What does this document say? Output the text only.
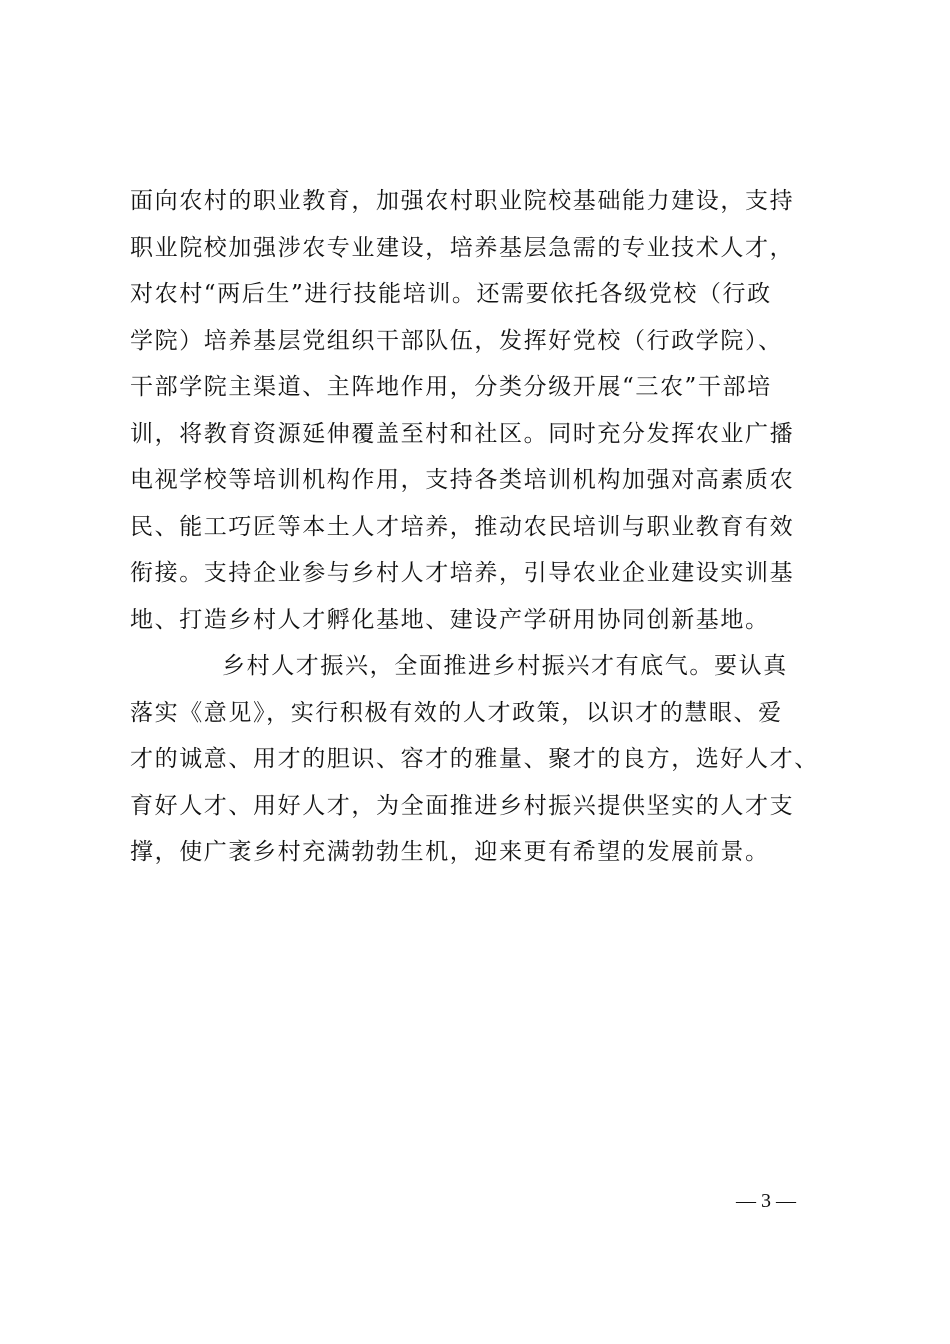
面向农村的职业教育，加强农村职业院校基础能力建设，支持
职业院校加强涉农专业建设，培养基层急需的专业技术人才，
对农村“两后生”进行技能培训。还需要依托各级党校（行政
学院）培养基层党组织干部队伍，发挥好党校（行政学院）、
干部学院主渠道、主阵地作用，分类分级开展“三农”干部培
训，将教育资源延伸覆盖至村和社区。同时充分发挥农业广播
电视学校等培训机构作用，支持各类培训机构加强对高素质农
民、能工巧匠等本土人才培养，推动农民培训与职业教育有效
衔接。支持企业参与乡村人才培养，引导农业企业建设实训基
地、打造乡村人才孵化基地、建设产学研用协同创新基地。
乡村人才振兴，全面推进乡村振兴才有底气。要认真
落实《意见》，实行积极有效的人才政策，以识才的慧眼、爱
才的诚意、用才的胆识、容才的雅量、聚才的良方，选好人才、
育好人才、用好人才，为全面推进乡村振兴提供坚实的人才支
撑，使广袤乡村充满勃勃生机，迎来更有希望的发展前景。
— 3 —
